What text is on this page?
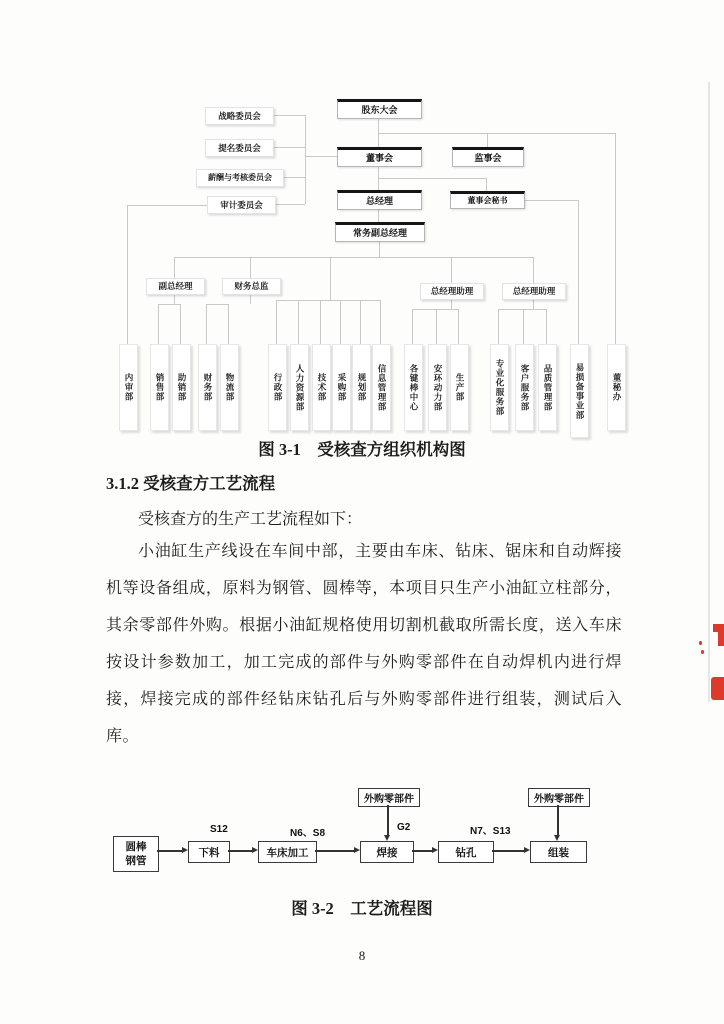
股东大会
董事会	监事会
总经理	董事会秘书
常务副总经理
战略委员会
提名委员会
薪酬与考核委员会
审计委员会
副总经理	财务总监	总经理助理	总经理助理
内审部	销售部	助销部	财务部	物流部	行政部	人力资源部	技术部	采购部	规划部	信息管理部	各键棒中心	安环动力部	生产部	专业化服务部	客户服务部	品质管理部	易损备事业部	董秘办
图 3-1　受核查方组织机构图
3.1.2 受核查方工艺流程
受核查方的生产工艺流程如下：
小油缸生产线设在车间中部，主要由车床、钻床、锯床和自动辉接机等设备组成，原料为钢管、圆棒等，本项目只生产小油缸立柱部分，其余零部件外购。根据小油缸规格使用切割机截取所需长度，送入车床按设计参数加工，加工完成的部件与外购零部件在自动焊机内进行焊接，焊接完成的部件经钻床钻孔后与外购零部件进行组装，测试后入库。
圆棒钢管
下料	车床加工	焊接	钻孔	组装
外购零部件	外购零部件
S12	N6、S8
G2	N7、S13
图 3-2　工艺流程图
8
